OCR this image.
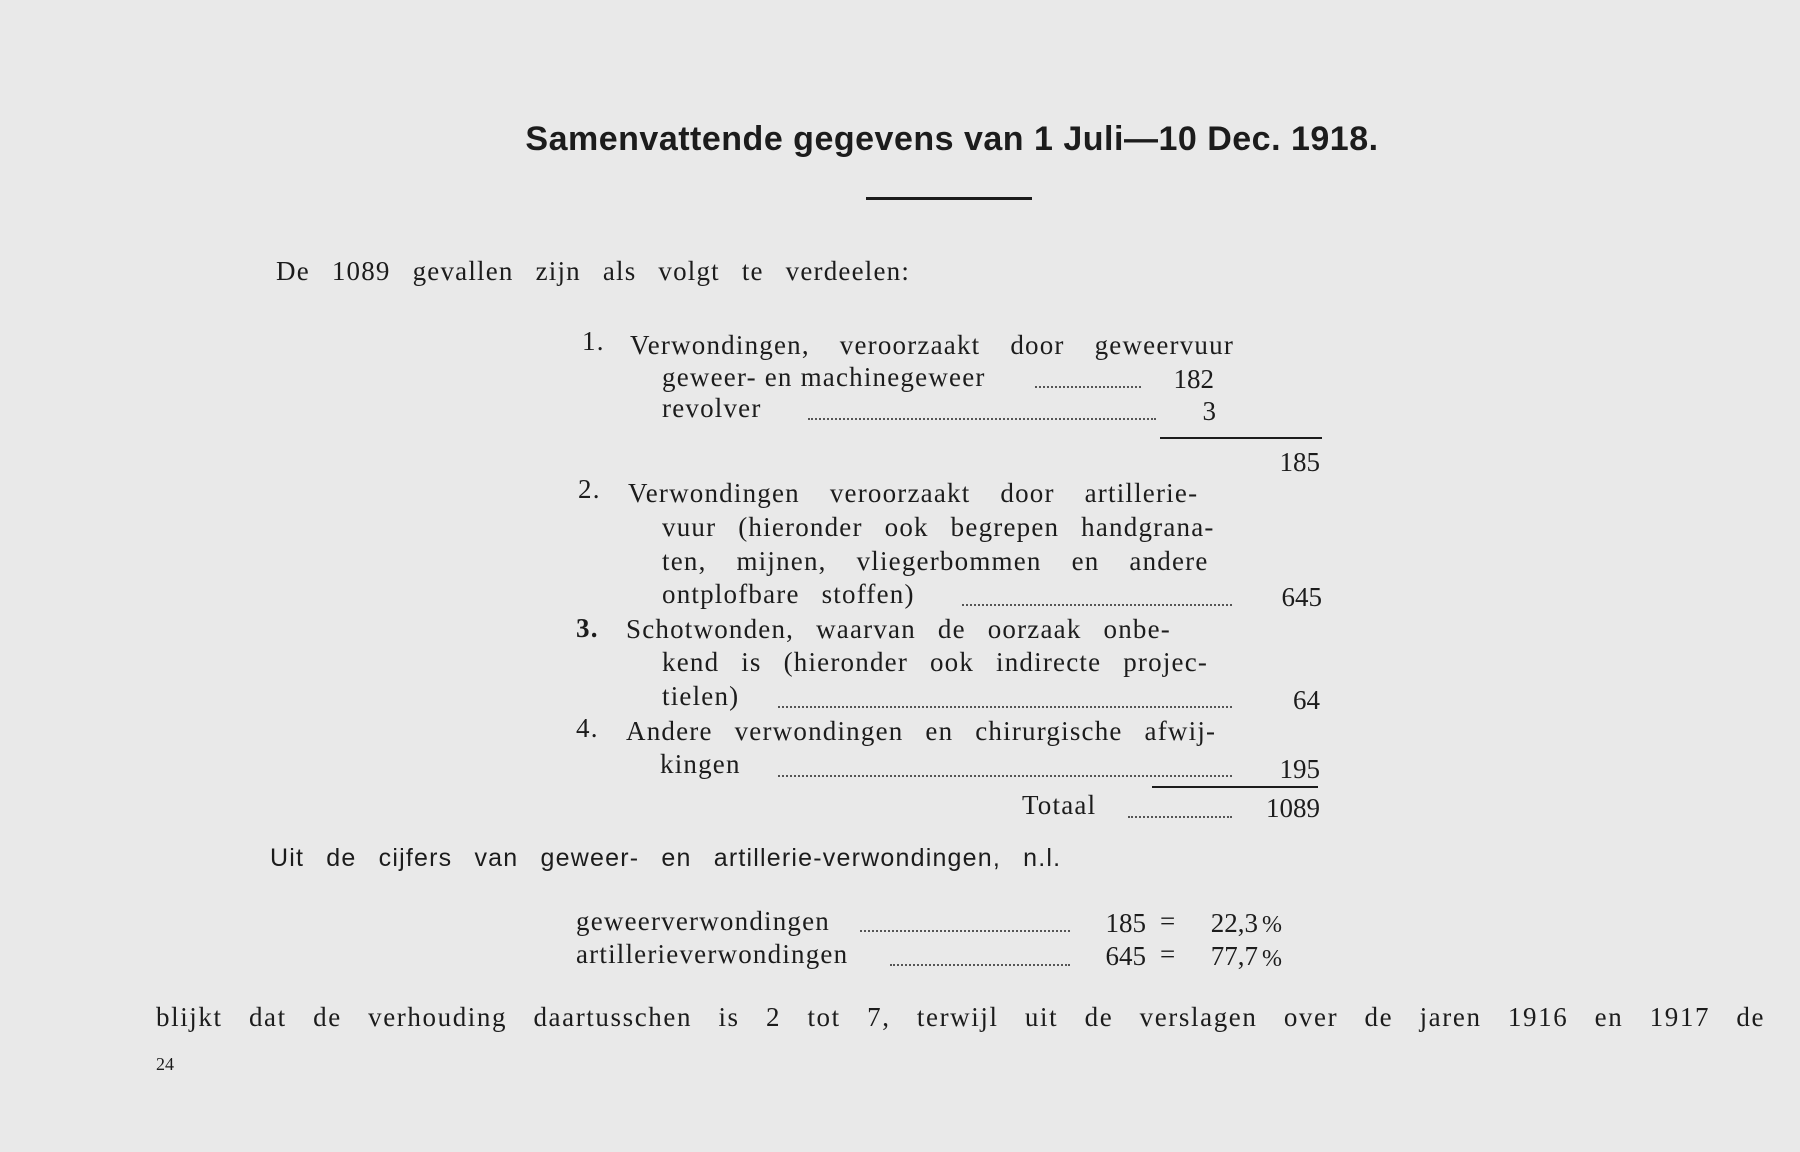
Samenvattende gegevens van 1 Juli—10 Dec. 1918.
De 1089 gevallen zijn als volgt te verdeelen:
1. Verwondingen, veroorzaakt door geweervuur
geweer- en machinegeweer	182
revolver	3
185
2. Verwondingen veroorzaakt door artillerie-
vuur (hieronder ook begrepen handgrana-
ten, mijnen, vliegerbommen en andere
ontplofbare stoffen)	645
3. Schotwonden, waarvan de oorzaak onbe-
kend is (hieronder ook indirecte projec-
tielen)	64
4. Andere verwondingen en chirurgische afwij-
kingen	195
Totaal	1089
Uit de cijfers van geweer- en artillerie-verwondingen, n.l.
geweerverwondingen	185 =	22,3 %
artillerieverwondingen	645 =	77,7 %
blijkt dat de verhouding daartusschen is 2 tot 7, terwijl uit de verslagen over de jaren 1916 en 1917 de
24
